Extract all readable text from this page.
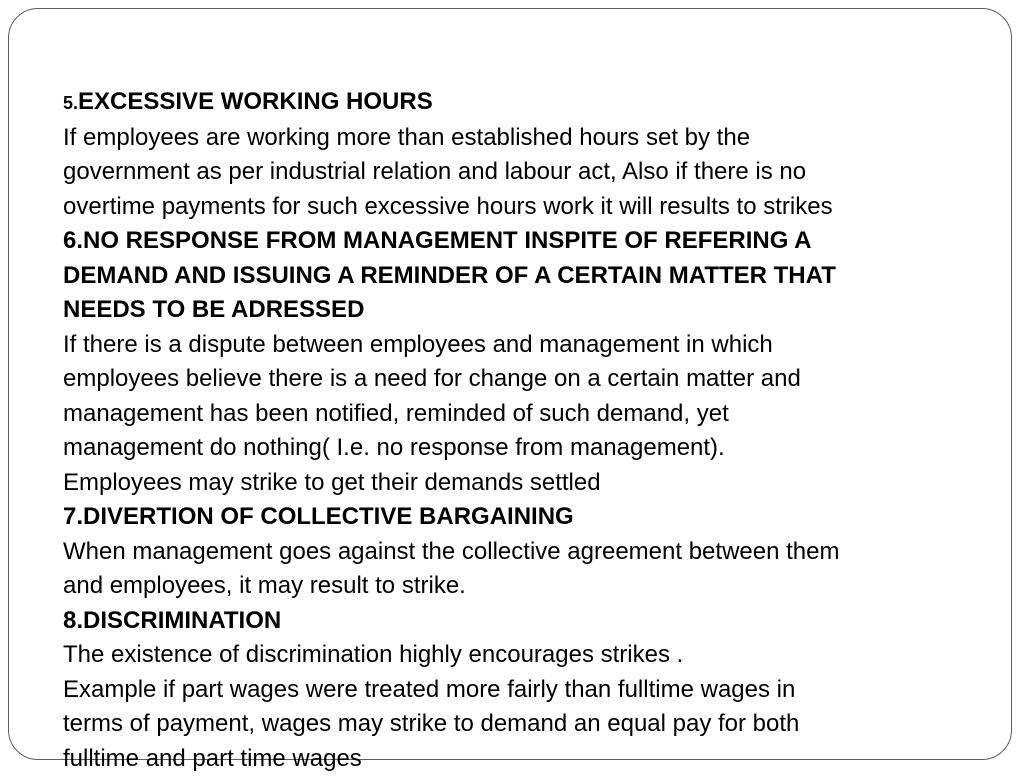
5.EXCESSIVE WORKING HOURS
If employees are working more than established hours set by the
government as per industrial relation and labour act, Also if there is no
overtime payments for such excessive hours work it will results to strikes
6.NO RESPONSE FROM MANAGEMENT INSPITE OF REFERING A
DEMAND AND ISSUING A REMINDER OF A CERTAIN MATTER THAT
NEEDS TO BE ADRESSED
If there is a dispute between employees and management in which
employees believe there is a need for change on a certain matter and
management has been notified, reminded of such demand, yet
management do nothing( I.e. no response from management).
Employees may strike to get their demands settled
7.DIVERTION OF COLLECTIVE BARGAINING
When management goes against the collective agreement between them
and employees, it may result to strike.
8.DISCRIMINATION
The existence of discrimination highly encourages strikes .
Example if part wages were treated more fairly than fulltime wages in
terms of payment, wages may strike to demand an equal pay for both
fulltime and part time wages
